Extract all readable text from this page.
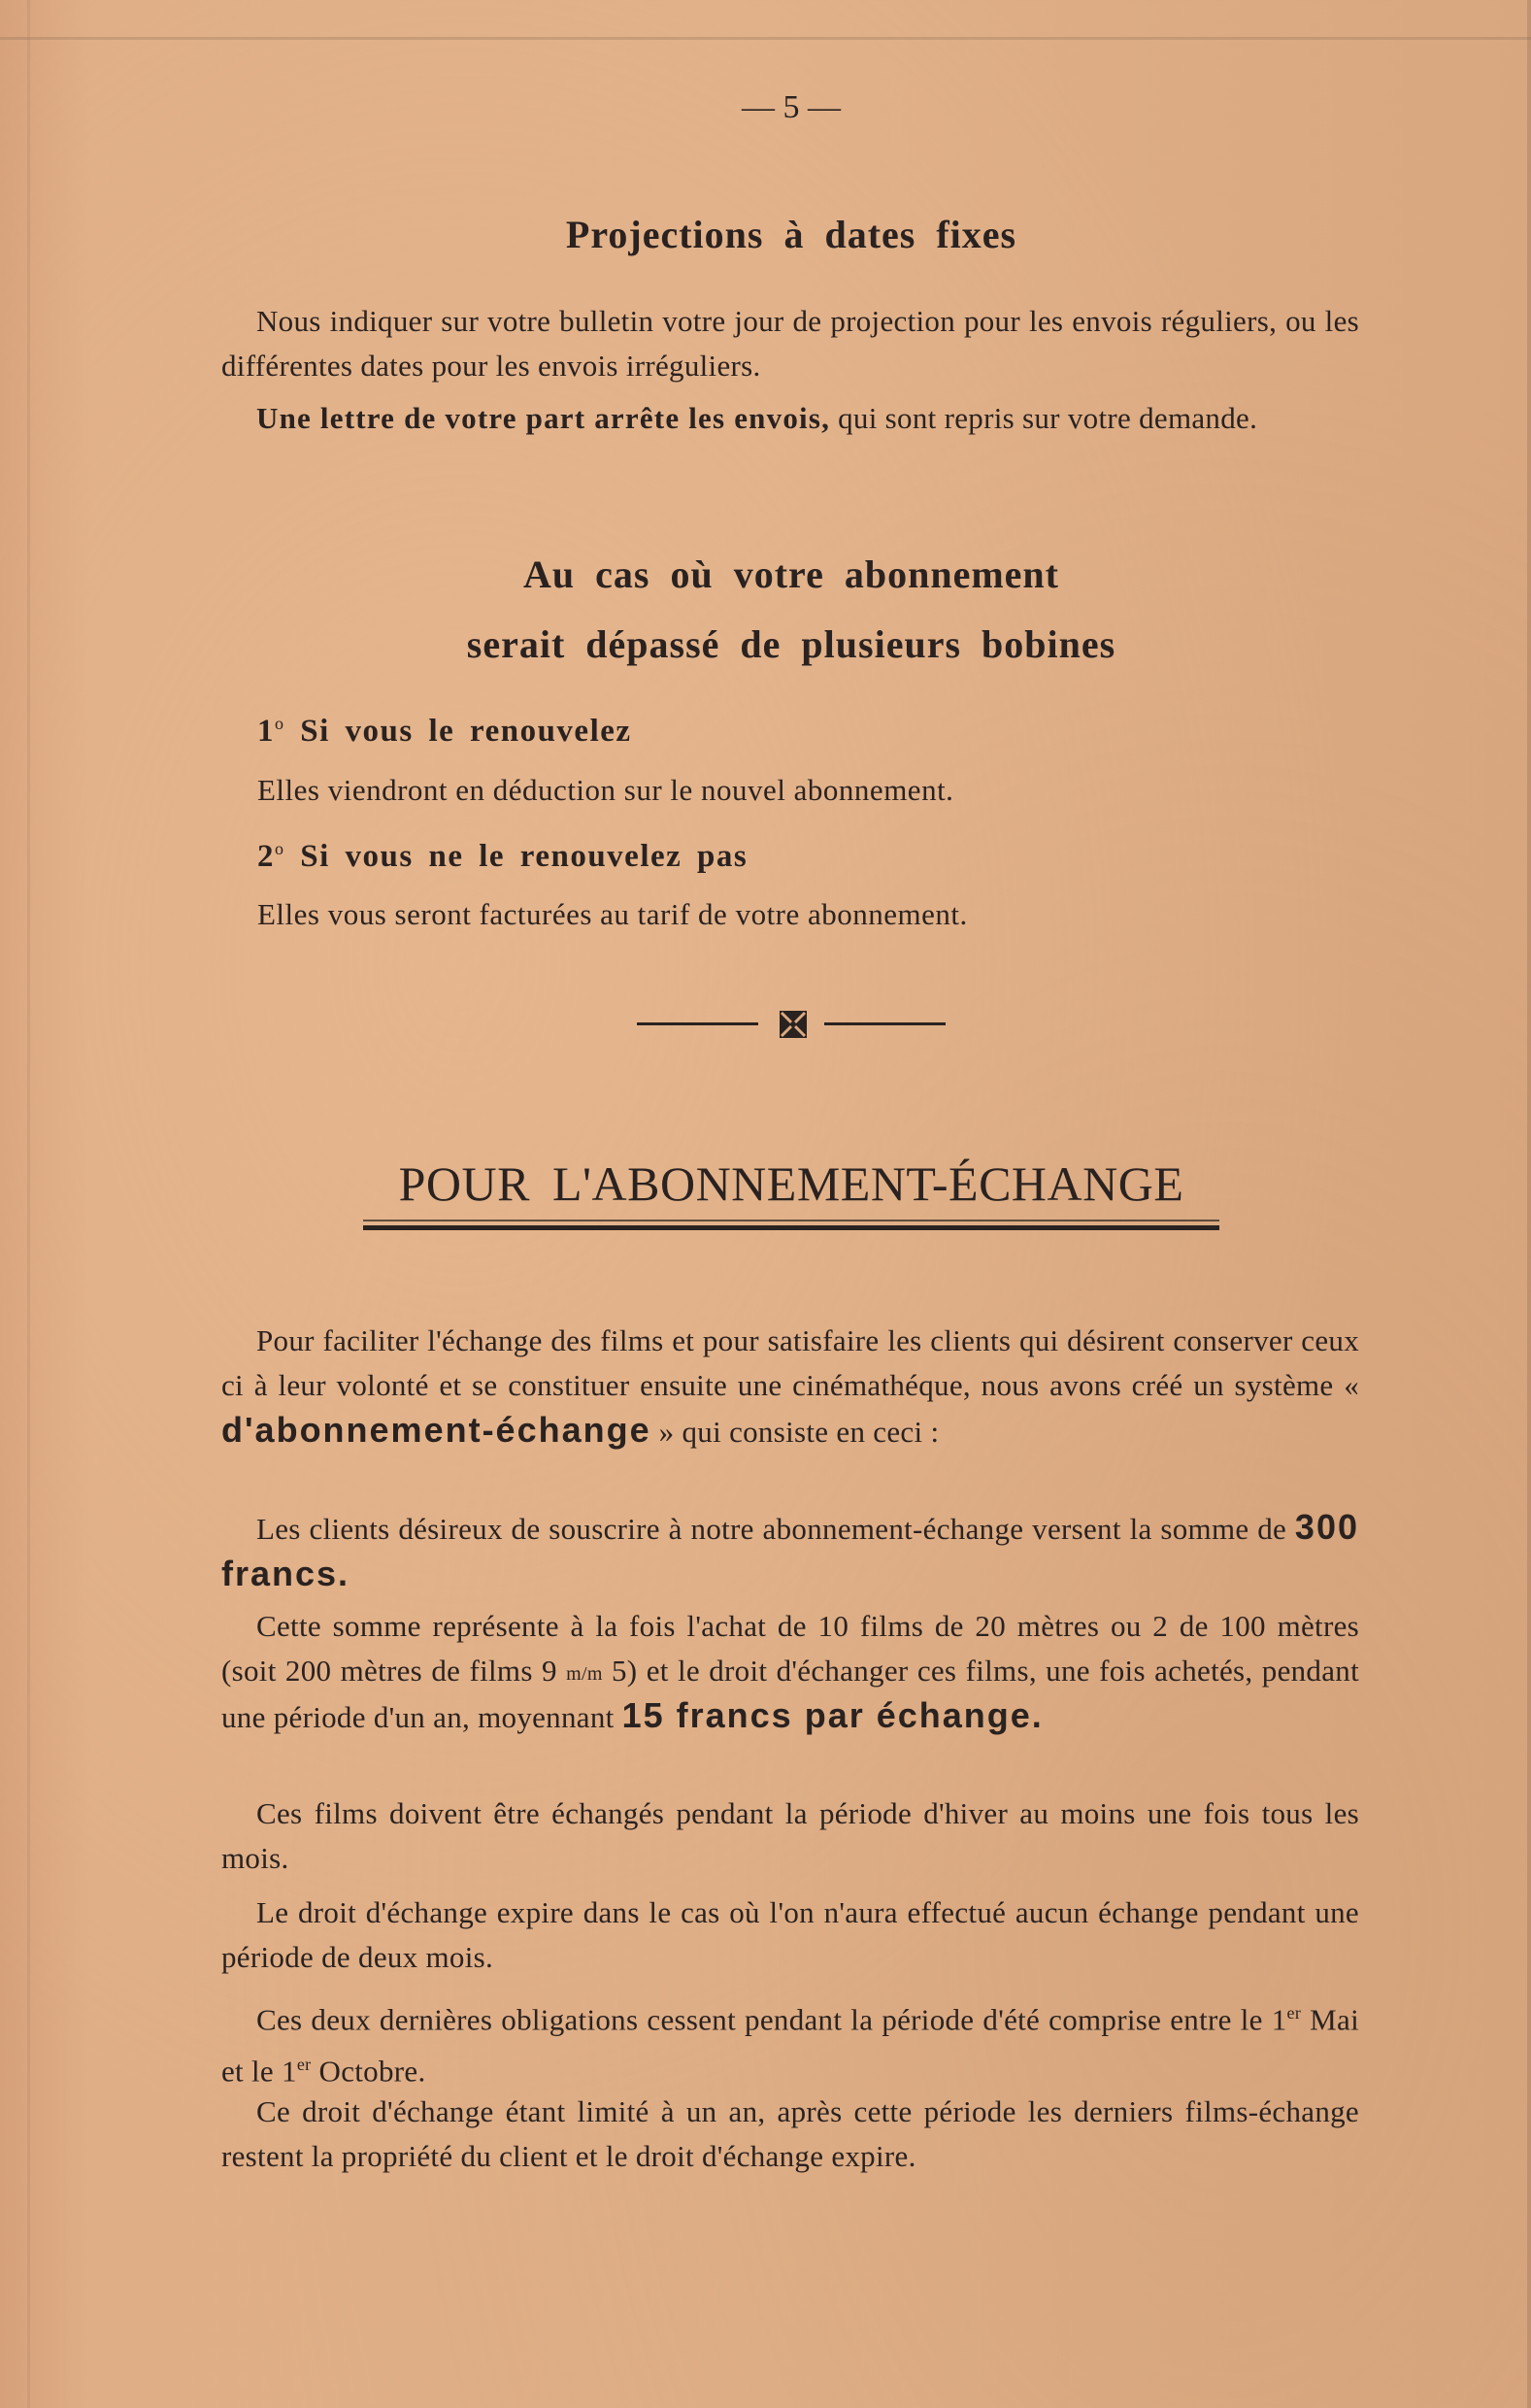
— 5 —
Projections à dates fixes
Nous indiquer sur votre bulletin votre jour de projection pour les envois réguliers, ou les différentes dates pour les envois irréguliers.
Une lettre de votre part arrête les envois, qui sont repris sur votre demande.
Au cas où votre abonnement
serait dépassé de plusieurs bobines
1$^o$ Si vous le renouvelez
Elles viendront en déduction sur le nouvel abonnement.
2$^o$ Si vous ne le renouvelez pas
Elles vous seront facturées au tarif de votre abonnement.
POUR L'ABONNEMENT-ÉCHANGE
Pour faciliter l'échange des films et pour satisfaire les clients qui désirent conserver ceux ci à leur volonté et se constituer ensuite une cinémathéque, nous avons créé un système « d'abonnement-échange » qui consiste en ceci :
Les clients désireux de souscrire à notre abonnement-échange versent la somme de 300 francs.
Cette somme représente à la fois l'achat de 10 films de 20 mètres ou 2 de 100 mètres (soit 200 mètres de films 9 m/m 5) et le droit d'échanger ces films, une fois achetés, pendant une période d'un an, moyennant 15 francs par échange.
Ces films doivent être échangés pendant la période d'hiver au moins une fois tous les mois.
Le droit d'échange expire dans le cas où l'on n'aura effectué aucun échange pendant une période de deux mois.
Ces deux dernières obligations cessent pendant la période d'été comprise entre le 1er Mai et le 1er Octobre.
Ce droit d'échange étant limité à un an, après cette période les derniers films-échange restent la propriété du client et le droit d'échange expire.
